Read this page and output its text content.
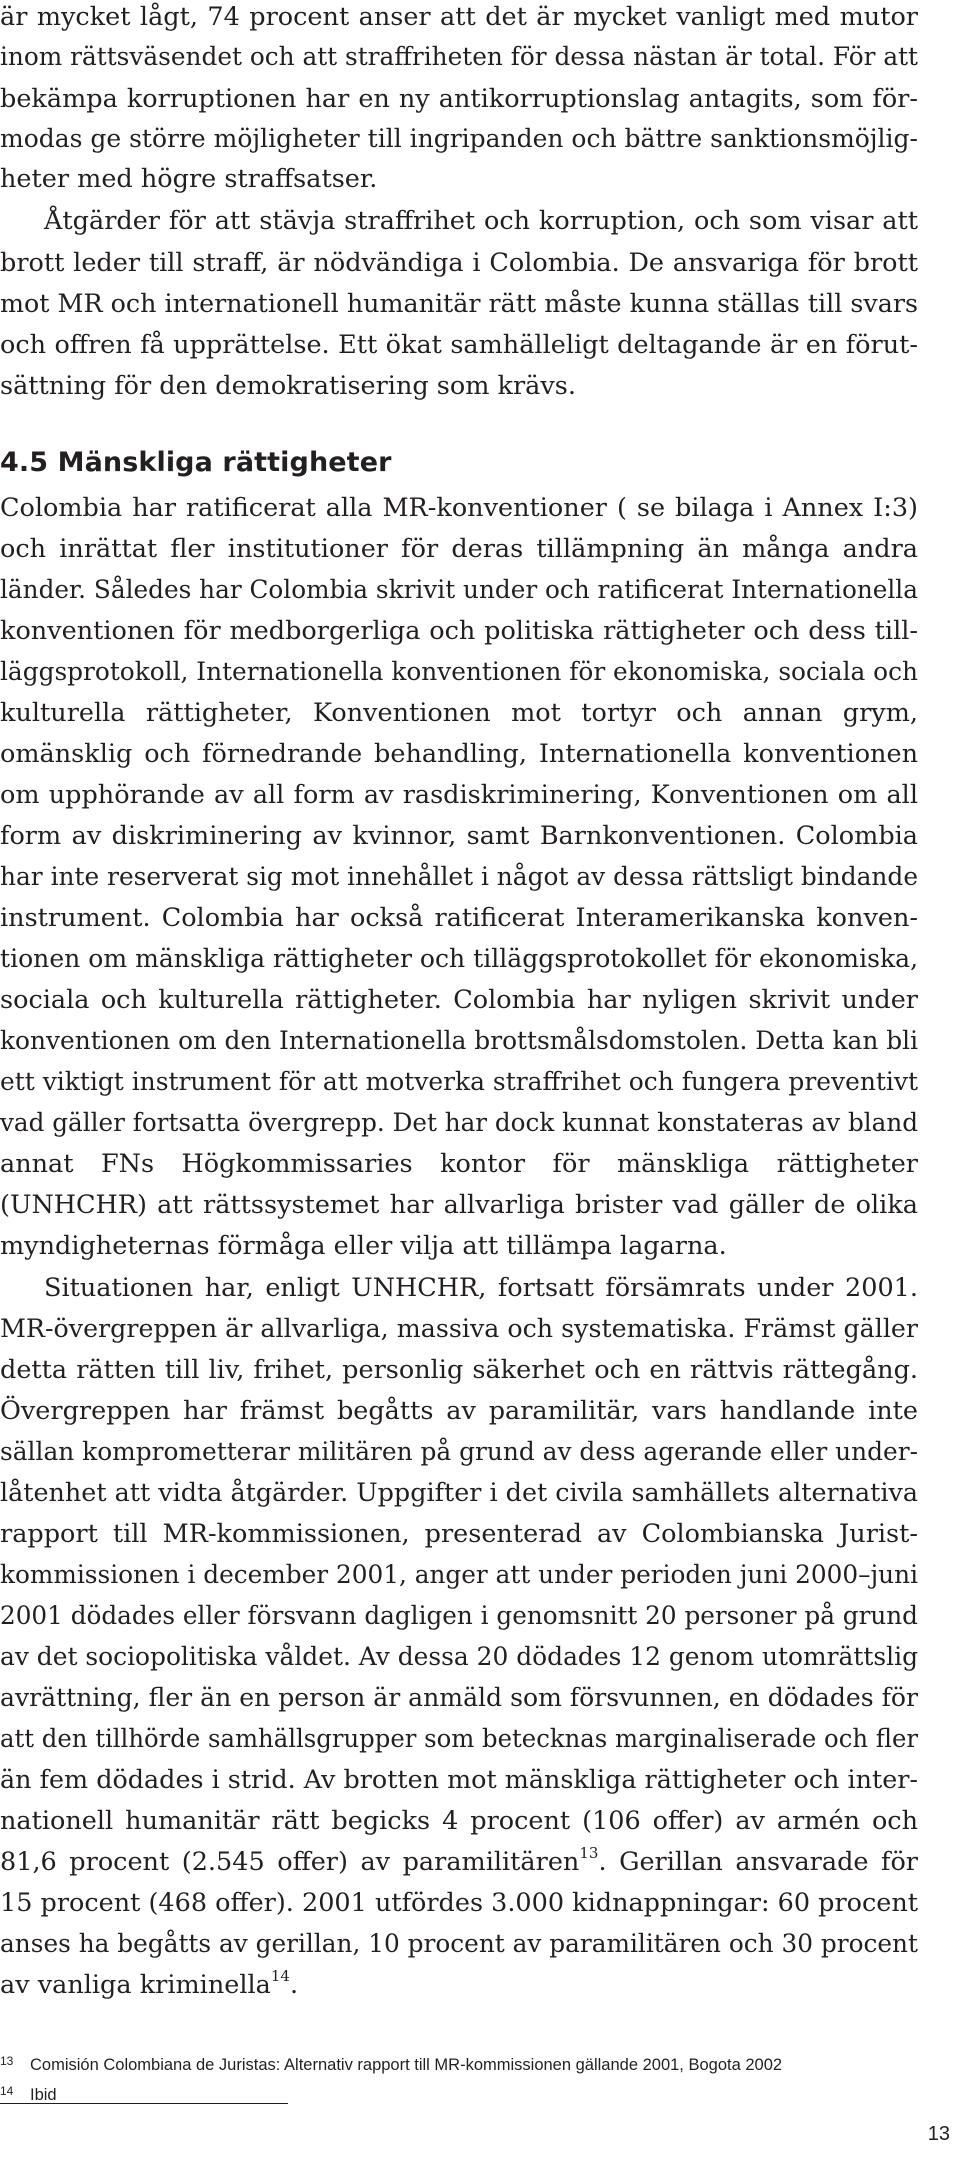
är mycket lågt, 74 procent anser att det är mycket vanligt med mutor
inom rättsväsendet och att straffriheten för dessa nästan är total. För att
bekämpa korruptionen har en ny antikorruptionslag antagits, som för-
modas ge större möjligheter till ingripanden och bättre sanktionsmöjlig-
heter med högre straffsatser.
Åtgärder för att stävja straffrihet och korruption, och som visar att
brott leder till straff, är nödvändiga i Colombia. De ansvariga för brott
mot MR och internationell humanitär rätt måste kunna ställas till svars
och offren få upprättelse. Ett ökat samhälleligt deltagande är en förut-
sättning för den demokratisering som krävs.
4.5 Mänskliga rättigheter
Colombia har ratificerat alla MR-konventioner ( se bilaga i Annex I:3)
och inrättat fler institutioner för deras tillämpning än många andra
länder. Således har Colombia skrivit under och ratificerat Internationella
konventionen för medborgerliga och politiska rättigheter och dess till-
läggsprotokoll, Internationella konventionen för ekonomiska, sociala och
kulturella rättigheter, Konventionen mot tortyr och annan grym,
omänsklig och förnedrande behandling, Internationella konventionen
om upphörande av all form av rasdiskriminering, Konventionen om all
form av diskriminering av kvinnor, samt Barnkonventionen. Colombia
har inte reserverat sig mot innehållet i något av dessa rättsligt bindande
instrument. Colombia har också ratificerat Interamerikanska konven-
tionen om mänskliga rättigheter och tilläggsprotokollet för ekonomiska,
sociala och kulturella rättigheter. Colombia har nyligen skrivit under
konventionen om den Internationella brottsmålsdomstolen. Detta kan bli
ett viktigt instrument för att motverka straffrihet och fungera preventivt
vad gäller fortsatta övergrepp. Det har dock kunnat konstateras av bland
annat FNs Högkommissaries kontor för mänskliga rättigheter
(UNHCHR) att rättssystemet har allvarliga brister vad gäller de olika
myndigheternas förmåga eller vilja att tillämpa lagarna.
Situationen har, enligt UNHCHR, fortsatt försämrats under 2001.
MR-övergreppen är allvarliga, massiva och systematiska. Främst gäller
detta rätten till liv, frihet, personlig säkerhet och en rättvis rättegång.
Övergreppen har främst begåtts av paramilitär, vars handlande inte
sällan komprometterar militären på grund av dess agerande eller under-
låtenhet att vidta åtgärder. Uppgifter i det civila samhällets alternativa
rapport till MR-kommissionen, presenterad av Colombianska Jurist-
kommissionen i december 2001, anger att under perioden juni 2000–juni
2001 dödades eller försvann dagligen i genomsnitt 20 personer på grund
av det sociopolitiska våldet. Av dessa 20 dödades 12 genom utomrättslig
avrättning, fler än en person är anmäld som försvunnen, en dödades för
att den tillhörde samhällsgrupper som betecknas marginaliserade och fler
än fem dödades i strid. Av brotten mot mänskliga rättigheter och inter-
nationell humanitär rätt begicks 4 procent (106 offer) av armén och
81,6 procent (2.545 offer) av paramilitären$^{13}$. Gerillan ansvarade för
15 procent (468 offer). 2001 utfördes 3.000 kidnappningar: 60 procent
anses ha begåtts av gerillan, 10 procent av paramilitären och 30 procent
av vanliga kriminella$^{14}$.
13 Comisión Colombiana de Juristas: Alternativ rapport till MR-kommissionen gällande 2001, Bogota 2002
14 Ibid
13
